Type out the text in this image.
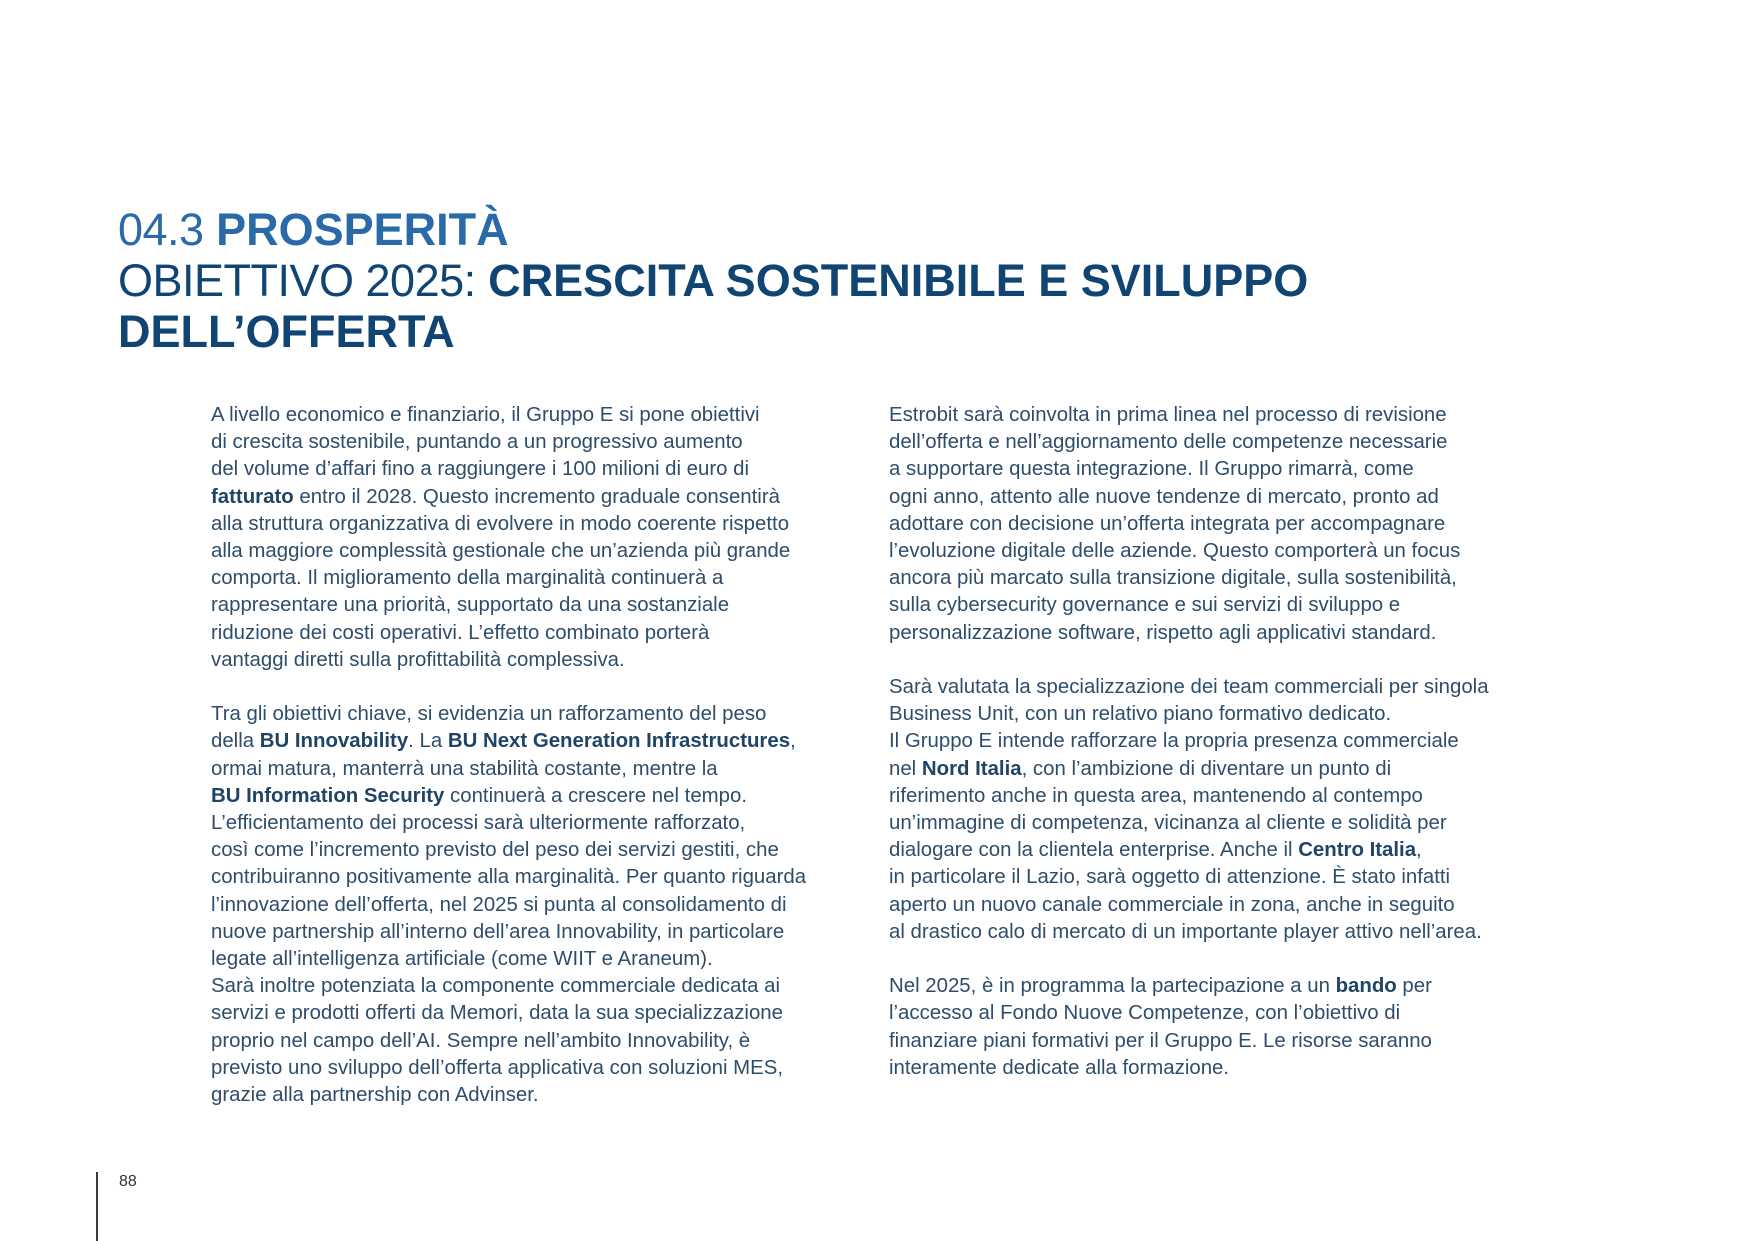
04.3 PROSPERITÀ
OBIETTIVO 2025: CRESCITA SOSTENIBILE E SVILUPPO
DELL’OFFERTA
A livello economico e finanziario, il Gruppo E si pone obiettivi
di crescita sostenibile, puntando a un progressivo aumento
del volume d’affari fino a raggiungere i 100 milioni di euro di
fatturato entro il 2028. Questo incremento graduale consentirà
alla struttura organizzativa di evolvere in modo coerente rispetto
alla maggiore complessità gestionale che un’azienda più grande
comporta. Il miglioramento della marginalità continuerà a
rappresentare una priorità, supportato da una sostanziale
riduzione dei costi operativi. L’effetto combinato porterà
vantaggi diretti sulla profittabilità complessiva.
Tra gli obiettivi chiave, si evidenzia un rafforzamento del peso
della BU Innovability. La BU Next Generation Infrastructures,
ormai matura, manterrà una stabilità costante, mentre la
BU Information Security continuerà a crescere nel tempo.
L’efficientamento dei processi sarà ulteriormente rafforzato,
così come l’incremento previsto del peso dei servizi gestiti, che
contribuiranno positivamente alla marginalità. Per quanto riguarda
l’innovazione dell’offerta, nel 2025 si punta al consolidamento di
nuove partnership all’interno dell’area Innovability, in particolare
legate all’intelligenza artificiale (come WIIT e Araneum).
Sarà inoltre potenziata la componente commerciale dedicata ai
servizi e prodotti offerti da Memori, data la sua specializzazione
proprio nel campo dell’AI. Sempre nell’ambito Innovability, è
previsto uno sviluppo dell’offerta applicativa con soluzioni MES,
grazie alla partnership con Advinser.
Estrobit sarà coinvolta in prima linea nel processo di revisione
dell’offerta e nell’aggiornamento delle competenze necessarie
a supportare questa integrazione. Il Gruppo rimarrà, come
ogni anno, attento alle nuove tendenze di mercato, pronto ad
adottare con decisione un’offerta integrata per accompagnare
l’evoluzione digitale delle aziende. Questo comporterà un focus
ancora più marcato sulla transizione digitale, sulla sostenibilità,
sulla cybersecurity governance e sui servizi di sviluppo e
personalizzazione software, rispetto agli applicativi standard.
Sarà valutata la specializzazione dei team commerciali per singola
Business Unit, con un relativo piano formativo dedicato.
Il Gruppo E intende rafforzare la propria presenza commerciale
nel Nord Italia, con l’ambizione di diventare un punto di
riferimento anche in questa area, mantenendo al contempo
un’immagine di competenza, vicinanza al cliente e solidità per
dialogare con la clientela enterprise. Anche il Centro Italia,
in particolare il Lazio, sarà oggetto di attenzione. È stato infatti
aperto un nuovo canale commerciale in zona, anche in seguito
al drastico calo di mercato di un importante player attivo nell’area.
Nel 2025, è in programma la partecipazione a un bando per
l’accesso al Fondo Nuove Competenze, con l’obiettivo di
finanziare piani formativi per il Gruppo E. Le risorse saranno
interamente dedicate alla formazione.
88
